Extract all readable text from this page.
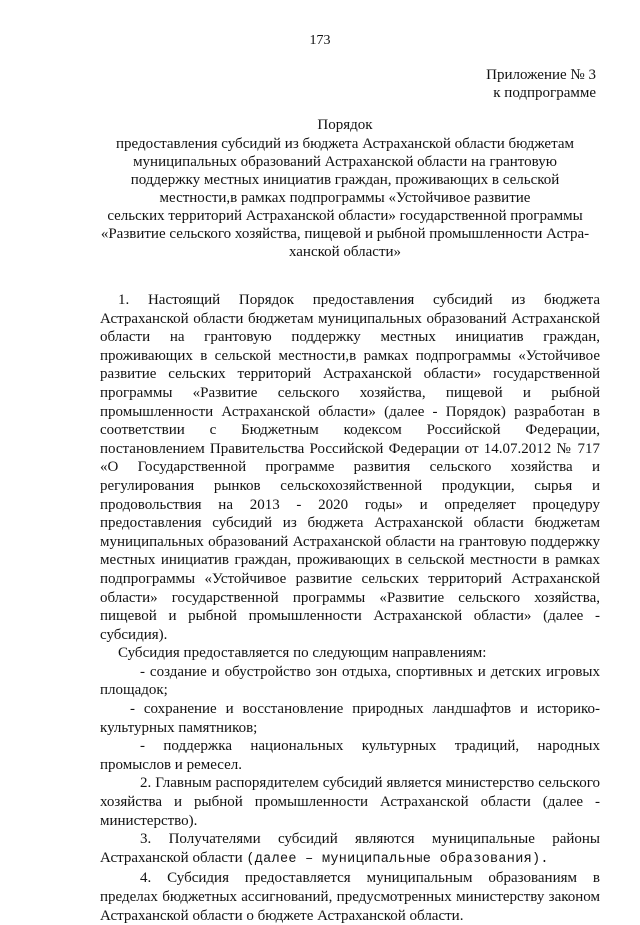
173
Приложение № 3
к подпрограмме
Порядок
предоставления субсидий из бюджета Астраханской области бюджетам
муниципальных образований Астраханской области на грантовую
поддержку местных инициатив граждан, проживающих в сельской
местности,в рамках подпрограммы «Устойчивое развитие
сельских территорий Астраханской области» государственной программы
«Развитие сельского хозяйства, пищевой и рыбной промышленности Астра-
ханской области»

1. Настоящий Порядок предоставления субсидий из бюджета Астраханской области бюджетам муниципальных образований Астраханской области на грантовую поддержку местных инициатив граждан, проживающих в сельской местности,в рамках подпрограммы «Устойчивое развитие сельских территорий Астраханской области» государственной программы «Развитие сельского хозяйства, пищевой и рыбной промышленности Астраханской области» (далее - Порядок) разработан в соответствии с Бюджетным кодексом Российской Федерации, постановлением Правительства Российской Федерации от 14.07.2012 № 717 «О Государственной программе развития сельского хозяйства и регулирования рынков сельскохозяйственной продукции, сырья и продовольствия на 2013 - 2020 годы» и определяет процедуру предоставления субсидий из бюджета Астраханской области бюджетам муниципальных образований Астраханской области на грантовую поддержку местных инициатив граждан, проживающих в сельской местности в рамках подпрограммы «Устойчивое развитие сельских территорий Астраханской области» государственной программы «Развитие сельского хозяйства, пищевой и рыбной промышленности Астраханской области» (далее - субсидия).

Субсидия предоставляется по следующим направлениям:

- создание и обустройство зон отдыха, спортивных и детских игровых площадок;

- сохранение и восстановление природных ландшафтов и историко-культурных памятников;

- поддержка национальных культурных традиций, народных промыслов и ремесел.

2. Главным распорядителем субсидий является министерство сельского хозяйства и рыбной промышленности Астраханской области (далее - министерство).

3. Получателями субсидий являются муниципальные районы Астраханской области (далее – муниципальные образования).

4. Субсидия предоставляется муниципальным образованиям в пределах бюджетных ассигнований, предусмотренных министерству законом Астраханской области о бюджете Астраханской области.
